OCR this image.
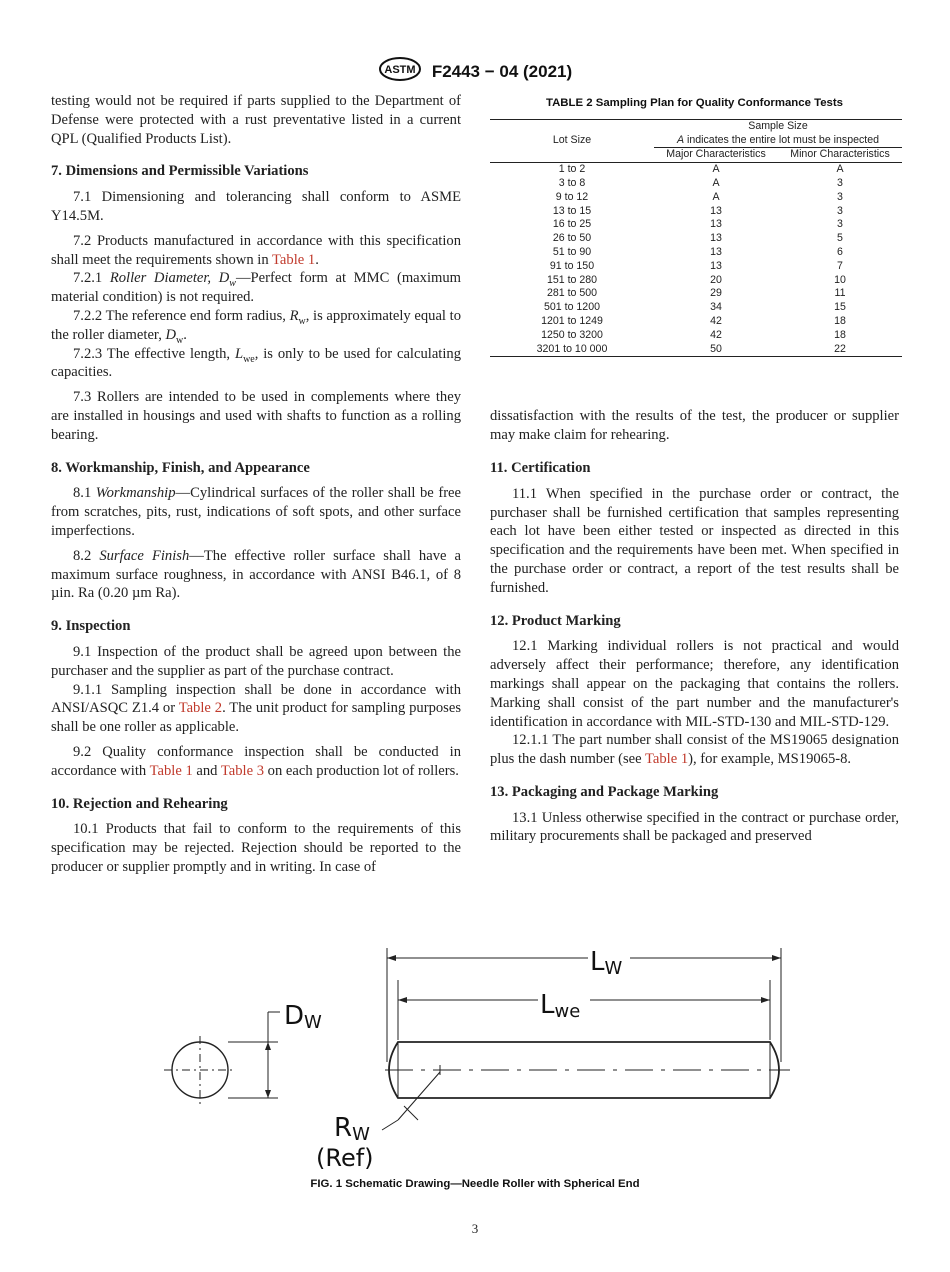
ASTM F2443 − 04 (2021)

testing would not be required if parts supplied to the Department of Defense were protected with a rust preventative listed in a current QPL (Qualified Products List).

7. Dimensions and Permissible Variations

7.1 Dimensioning and tolerancing shall conform to ASME Y14.5M.

7.2 Products manufactured in accordance with this specification shall meet the requirements shown in Table 1.

7.2.1 Roller Diameter, $D_w—Perfect$ form at MMC (maximum material condition) is not required.

7.2.2 The reference end form radius, $R_w$, is approximately equal to the roller diameter, $D_w$.

7.2.3 The effective length, $L_{we}$, is only to be used for calculating capacities.

7.3 Rollers are intended to be used in complements where they are installed in housings and used with shafts to function as a rolling bearing.

8. Workmanship, Finish, and Appearance

8.1 Workmanship—Cylindrical surfaces of the roller shall be free from scratches, pits, rust, indications of soft spots, and other surface imperfections.

8.2 Surface Finish—The effective roller surface shall have a maximum surface roughness, in accordance with ANSI B46.1, of 8 µin. Ra (0.20 µm Ra).

9. Inspection

9.1 Inspection of the product shall be agreed upon between the purchaser and the supplier as part of the purchase contract.

9.1.1 Sampling inspection shall be done in accordance with ANSI/ASQC Z1.4 or Table 2. The unit product for sampling purposes shall be one roller as applicable.

9.2 Quality conformance inspection shall be conducted in accordance with Table 1 and Table 3 on each production lot of rollers.

10. Rejection and Rehearing

10.1 Products that fail to conform to the requirements of this specification may be rejected. Rejection should be reported to the producer or supplier promptly and in writing. In case of

TABLE 2 Sampling Plan for Quality Conformance Tests
Lot Size	Sample Size	
	A indicates the entire lot must be inspected	
	Major Characteristics	Minor Characteristics
1 to 2	A	A
3 to 8	A	3
9 to 12	A	3
13 to 15	13	3
16 to 25	13	3
26 to 50	13	5
51 to 90	13	6
91 to 150	13	7
151 to 280	20	10
281 to 500	29	11
501 to 1200	34	15
1201 to 1249	42	18
1250 to 3200	42	18
3201 to 10 000	50	22

dissatisfaction with the results of the test, the producer or supplier may make claim for rehearing.

11. Certification

11.1 When specified in the purchase order or contract, the purchaser shall be furnished certification that samples representing each lot have been either tested or inspected as directed in this specification and the requirements have been met. When specified in the purchase order or contract, a report of the test results shall be furnished.

12. Product Marking

12.1 Marking individual rollers is not practical and would adversely affect their performance; therefore, any identification markings shall appear on the packaging that contains the rollers. Marking shall consist of the part number and the manufacturer's identification in accordance with MIL-STD-130 and MIL-STD-129.

12.1.1 The part number shall consist of the MS19065 designation plus the dash number (see Table 1), for example, MS19065-8.

13. Packaging and Package Marking

13.1 Unless otherwise specified in the contract or purchase order, military procurements shall be packaged and preserved

LW
Lwe
DW
RW
(Ref)
FIG. 1 Schematic Drawing—Needle Roller with Spherical End
3
